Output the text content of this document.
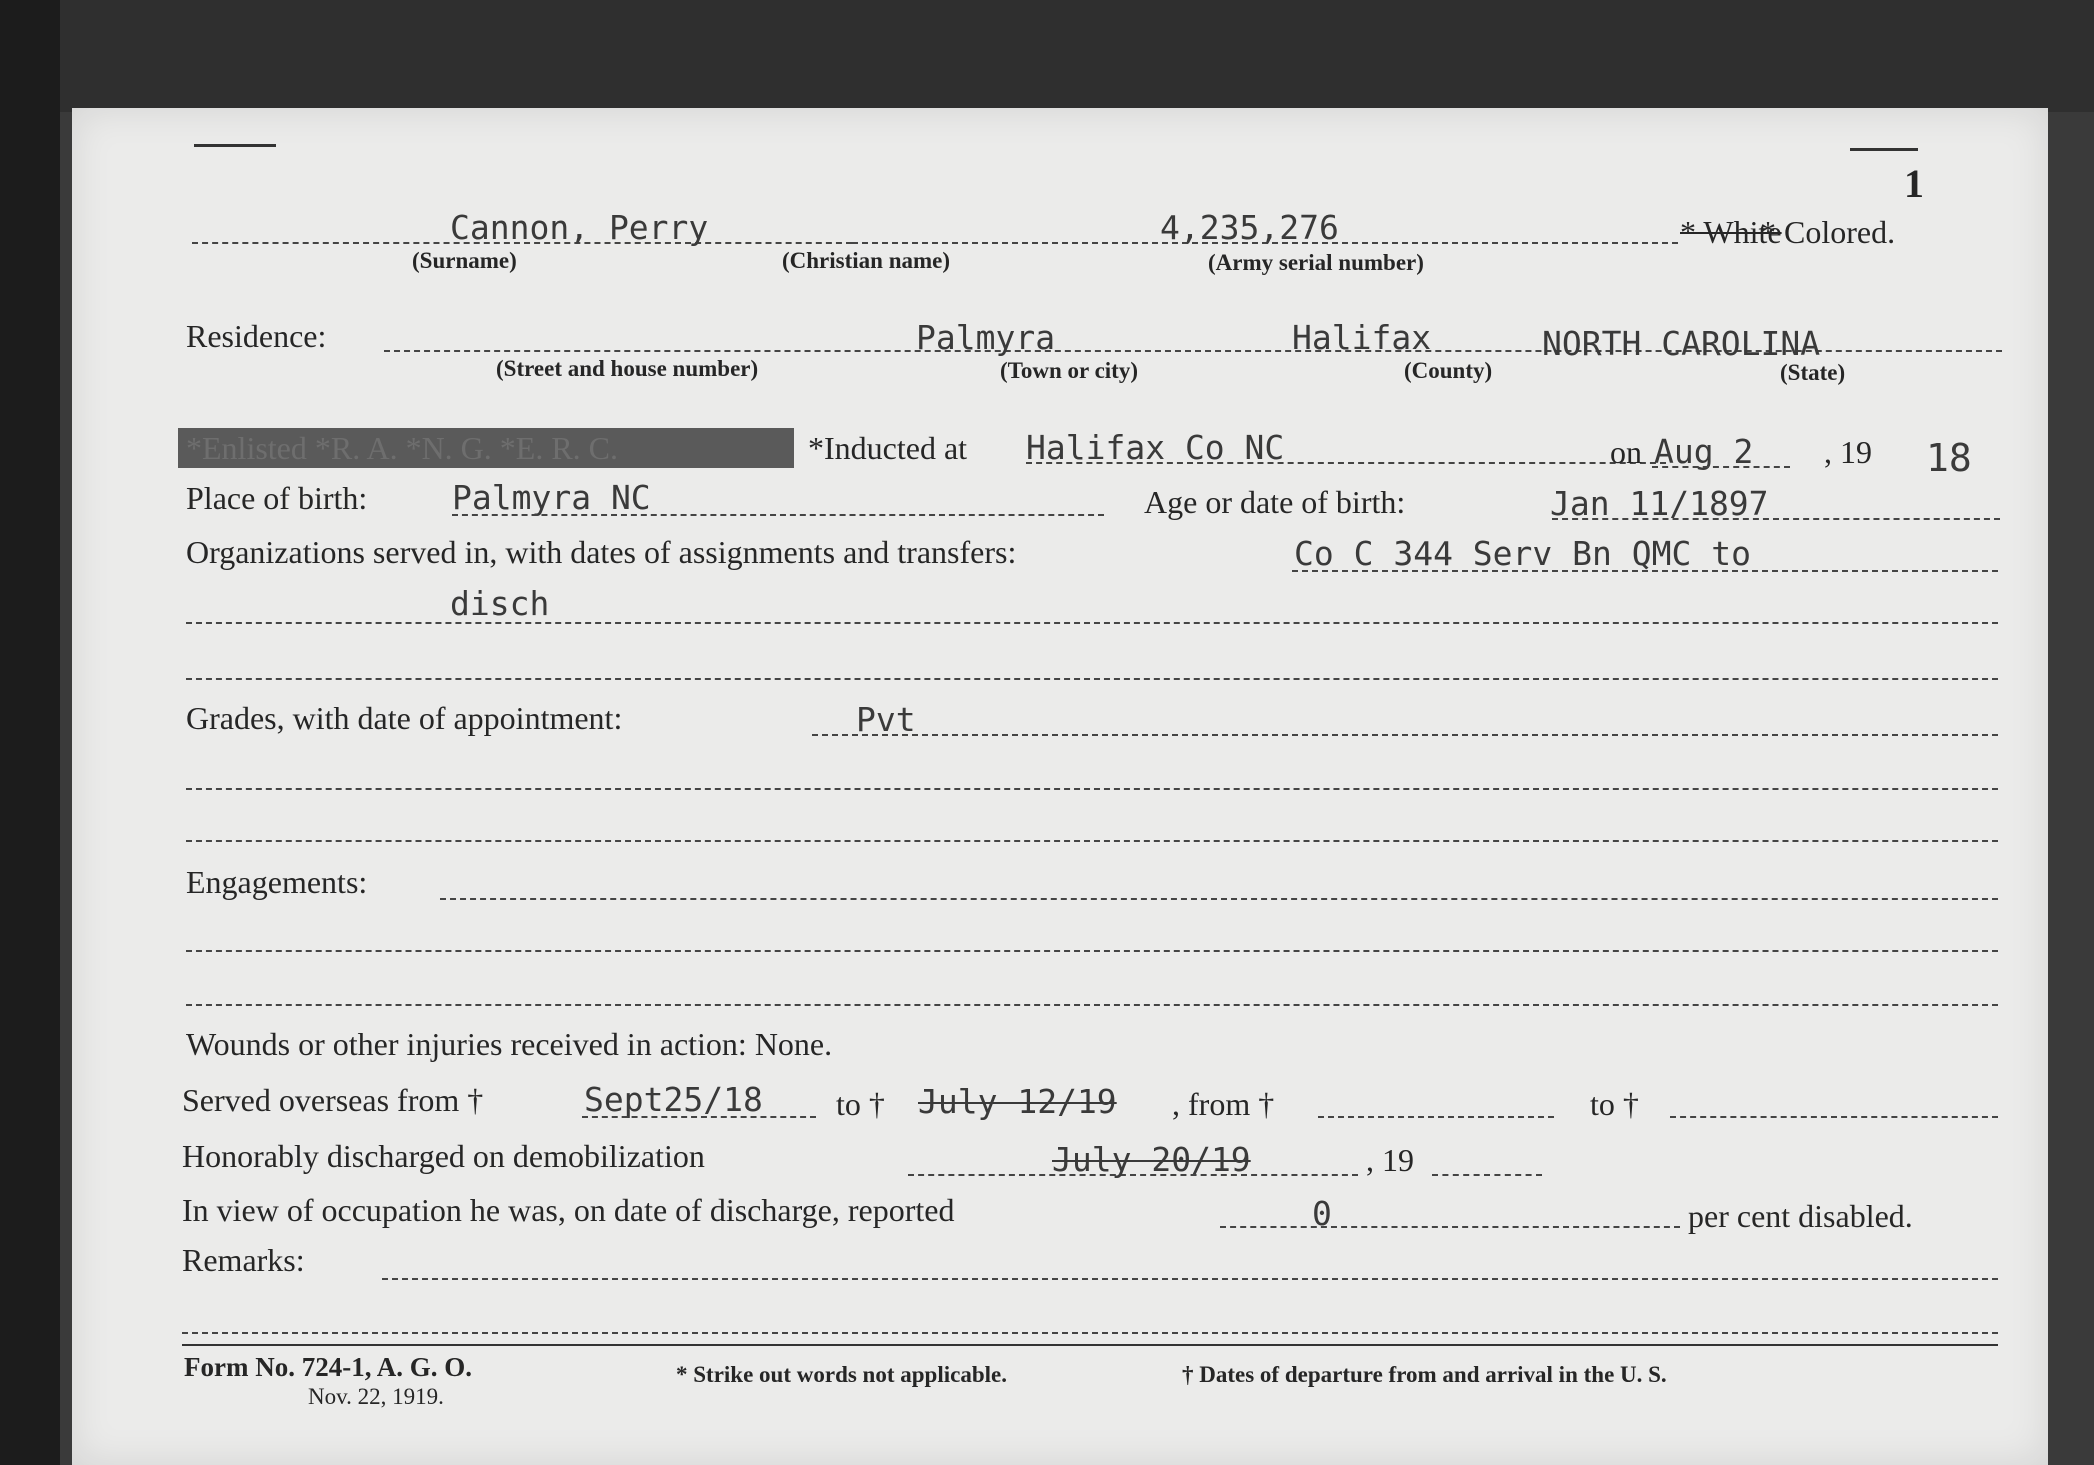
1
Cannon, Perry
(Surname)	(Christian name)
4,235,276
(Army serial number)
* White
* Colored.
Residence:
(Street and house number)
Palmyra
(Town or city)
Halifax
(County)
NORTH CAROLINA
(State)
*Enlisted *R. A. *N. G. *E. R. C.	*Inducted at Halifax Co NC	on Aug 2 , 19 18
Place of birth:	Palmyra NC	Age or date of birth:	Jan 11/1897
Organizations served in, with dates of assignments and transfers:	Co C 344 Serv Bn QMC to
disch
Grades, with date of appointment:	Pvt
Engagements:
Wounds or other injuries received in action: None.
Served overseas from †	Sept25/18 to † July 12/19 , from †	to †
Honorably discharged on demobilization	July 20/19	, 19
In view of occupation he was, on date of discharge, reported	0	per cent disabled.
Remarks:
Form No. 724-1, A. G. O.
Nov. 22, 1919.
* Strike out words not applicable.	† Dates of departure from and arrival in the U. S.
